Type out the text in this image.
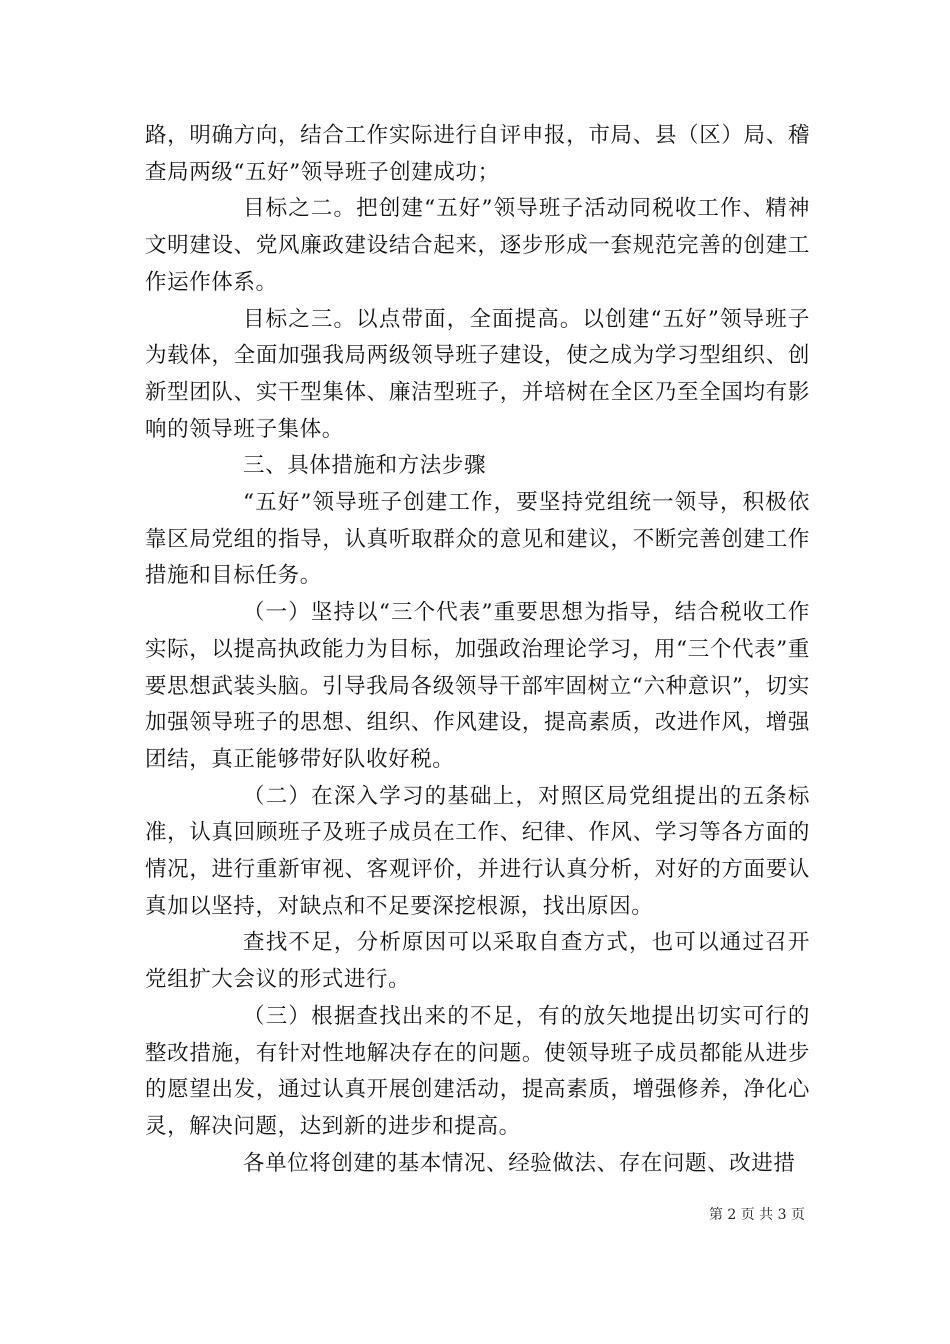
路，明确方向，结合工作实际进行自评申报，市局、县（区）局、稽查局两级“五好”领导班子创建成功；

目标之二。把创建“五好”领导班子活动同税收工作、精神文明建设、党风廉政建设结合起来，逐步形成一套规范完善的创建工作运作体系。

目标之三。以点带面，全面提高。以创建“五好”领导班子为载体，全面加强我局两级领导班子建设，使之成为学习型组织、创新型团队、实干型集体、廉洁型班子，并培树在全区乃至全国均有影响的领导班子集体。

三、具体措施和方法步骤

“五好”领导班子创建工作，要坚持党组统一领导，积极依靠区局党组的指导，认真听取群众的意见和建议，不断完善创建工作措施和目标任务。

（一）坚持以“三个代表”重要思想为指导，结合税收工作实际，以提高执政能力为目标，加强政治理论学习，用“三个代表”重要思想武装头脑。引导我局各级领导干部牢固树立“六种意识”，切实加强领导班子的思想、组织、作风建设，提高素质，改进作风，增强团结，真正能够带好队收好税。

（二）在深入学习的基础上，对照区局党组提出的五条标准，认真回顾班子及班子成员在工作、纪律、作风、学习等各方面的情况，进行重新审视、客观评价，并进行认真分析，对好的方面要认真加以坚持，对缺点和不足要深挖根源，找出原因。

查找不足，分析原因可以采取自查方式，也可以通过召开党组扩大会议的形式进行。

（三）根据查找出来的不足，有的放矢地提出切实可行的整改措施，有针对性地解决存在的问题。使领导班子成员都能从进步的愿望出发，通过认真开展创建活动，提高素质，增强修养，净化心灵，解决问题，达到新的进步和提高。

各单位将创建的基本情况、经验做法、存在问题、改进措

第 2 页 共 3 页
